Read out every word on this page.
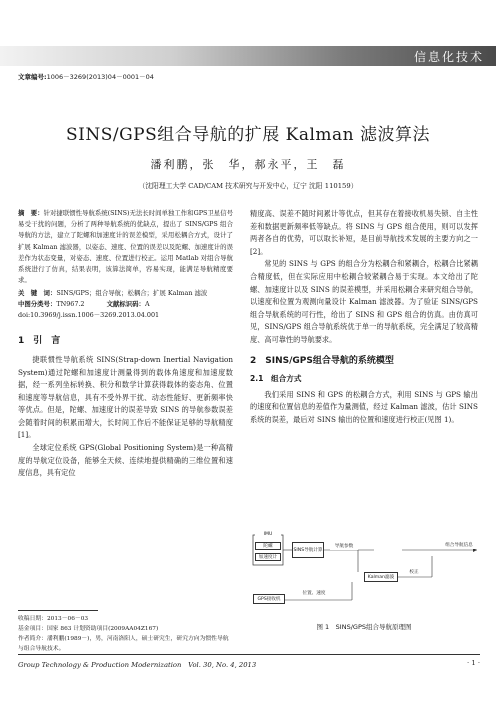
信息化技术
文章编号:1006－3269(2013)04－0001－04
SINS/GPS组合导航的扩展 Kalman 滤波算法
潘利鹏，张　华，郝永平，王　磊
（沈阳理工大学 CAD/CAM 技术研究与开发中心，辽宁 沈阳 110159）
摘　要：针对捷联惯性导航系统(SINS)无法长时间单独工作和GPS卫星信号易受干扰的问题，分析了两种导航系统的优缺点，提出了 SINS/GPS 组合导航的方法，建立了陀螺和加速度计的误差模型，采用松耦合方式，设计了扩展 Kalman 滤波器，以姿态、速度、位置的误差以及陀螺、加速度计的误差作为状态变量，对姿态、速度、位置进行校正。运用 Matlab 对组合导航系统进行了仿真，结果表明，该算法简单，容易实现，能满足导航精度要求。
关　键　词：SINS/GPS；组合导航；松耦合；扩展 Kalman 滤波
中图分类号：TN967.2	文献标识码：A
doi:10.3969/j.issn.1006－3269.2013.04.001
1　引　言

捷联惯性导航系统 SINS(Strap-down Inertial Navigation System)通过陀螺和加速度计测量得到的载体角速度和加速度数据，经一系列坐标转换、积分和数学计算获得载体的姿态角、位置和速度等导航信息，具有不受外界干扰、动态性能好、更新频率快等优点。但是，陀螺、加速度计的误差导致 SINS 的导航参数误差会随着时间的积累而增大，长时间工作后不能保证足够的导航精度[1]。

全球定位系统 GPS(Global Positioning System)是一种高精度的导航定位设备，能够全天候、连续地提供精确的三维位置和速度信息，具有定位

精度高、误差不随时间累计等优点，但其存在着接收机易失锁、自主性差和数据更新频率低等缺点。将 SINS 与 GPS 组合使用，则可以发挥两者各自的优势，可以取长补短，是目前导航技术发展的主要方向之一[2]。

常见的 SINS 与 GPS 的组合分为松耦合和紧耦合，松耦合比紧耦合精度低，但在实际应用中松耦合较紧耦合易于实现。本文给出了陀螺、加速度计以及 SINS 的误差模型，并采用松耦合来研究组合导航，以速度和位置为观测向量设计 Kalman 滤波器。为了验证 SINS/GPS 组合导航系统的可行性，给出了 SINS 和 GPS 组合的仿真。由仿真可见，SINS/GPS 组合导航系统优于单一的导航系统，完全满足了较高精度、高可靠性的导航要求。

2　SINS/GPS组合导航的系统模型
2.1　组合方式

我们采用 SINS 和 GPS 的松耦合方式，利用 SINS 与 GPS 输出的速度和位置信息的差值作为量测值，经过 Kalman 滤波，估计 SINS 系统的误差，最后对 SINS 输出的位置和速度进行校正(见图 1)。

IMU
陀螺
加速度计
SINS导航计算
导航参数
Kalman滤波
GPS接收机
位置、速度
组合导航信息
校正
图 1　SINS/GPS组合导航原理图
收稿日期：2013－06－03
基金项目：国家 863 计划资助项目(2009AA04Z167)
作者简介：潘利鹏(1989－)，男，河南洛阳人，硕士研究生，研究方向为惯性导航与组合导航技术。
Group Technology & Production Modernization　Vol. 30, No. 4, 2013	· 1 ·
